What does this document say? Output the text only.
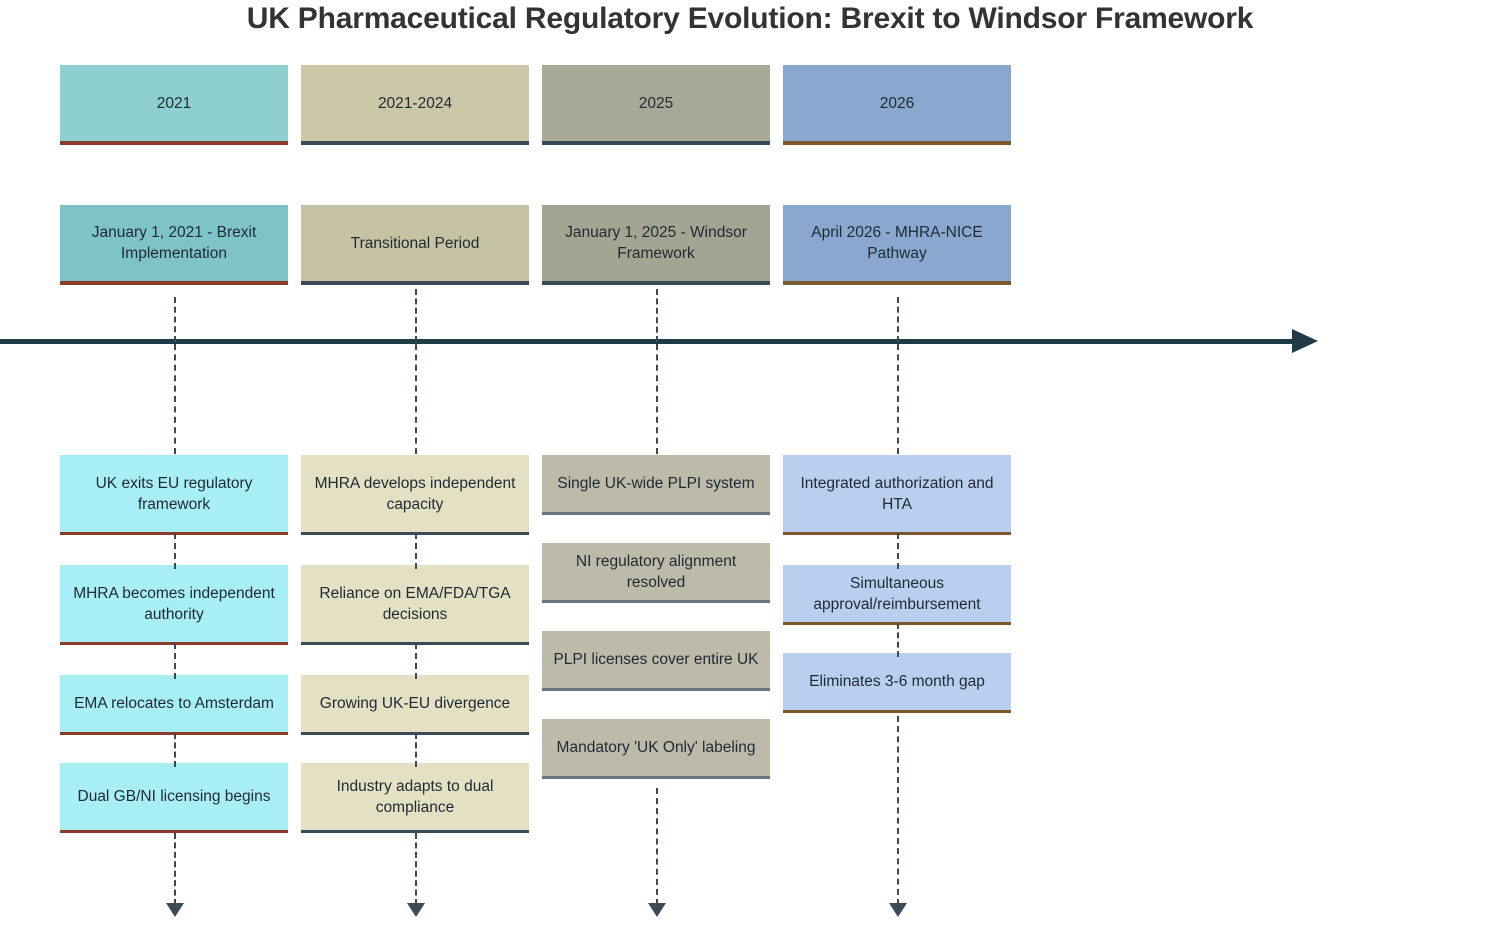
UK Pharmaceutical Regulatory Evolution: Brexit to Windsor Framework
2021	2021-2024	2025	2026
January 1, 2021 - Brexit Implementation
Transitional Period
January 1, 2025 - Windsor Framework
April 2026 - MHRA-NICE Pathway
UK exits EU regulatory framework
MHRA becomes independent authority
EMA relocates to Amsterdam
Dual GB/NI licensing begins
MHRA develops independent capacity
Reliance on EMA/FDA/TGA decisions
Growing UK-EU divergence
Industry adapts to dual compliance
Single UK-wide PLPI system
NI regulatory alignment resolved
PLPI licenses cover entire UK
Mandatory 'UK Only' labeling
Integrated authorization and HTA
Simultaneous approval/reimbursement
Eliminates 3-6 month gap
